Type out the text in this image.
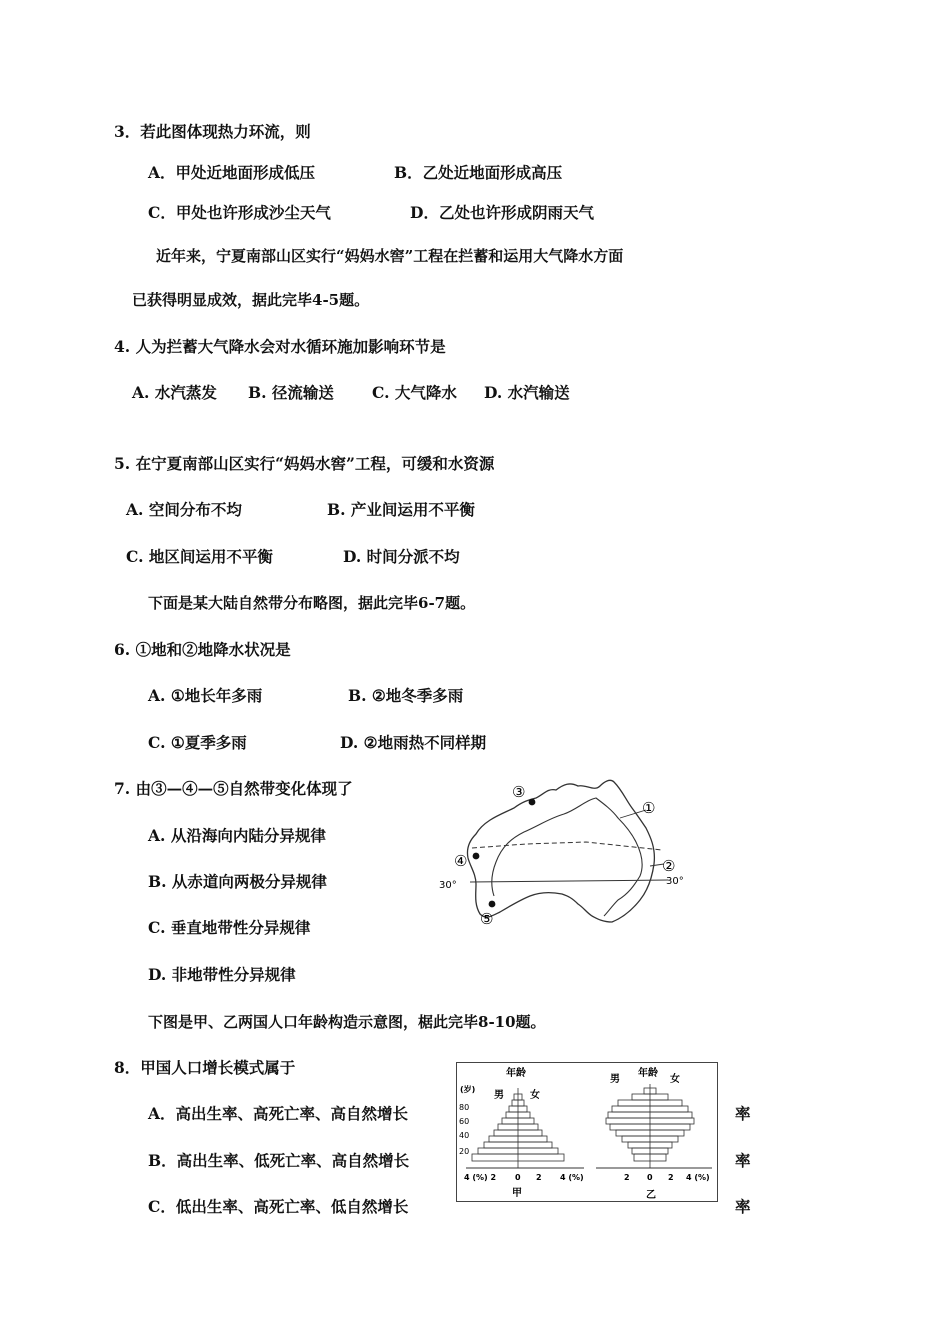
3．若此图体现热力环流，则
A．甲处近地面形成低压	B．乙处近地面形成高压
C．甲处也许形成沙尘天气	D．乙处也许形成阴雨天气
近年来，宁夏南部山区实行“妈妈水窖”工程在拦蓄和运用大气降水方面
已获得明显成效，据此完毕4-5题。
4. 人为拦蓄大气降水会对水循环施加影响环节是
A. 水汽蒸发 B. 径流输送 C. 大气降水 D. 水汽输送
5. 在宁夏南部山区实行“妈妈水窖”工程，可缓和水资源
A. 空间分布不均	B. 产业间运用不平衡
C. 地区间运用不平衡	D. 时间分派不均
下面是某大陆自然带分布略图，据此完毕6-7题。
6. ①地和②地降水状况是
A. ①地长年多雨	B. ②地冬季多雨
C. ①夏季多雨	D. ②地雨热不同样期
7. 由③—④—⑤自然带变化体现了
A. 从沿海向内陆分异规律
B. 从赤道向两极分异规律
C. 垂直地带性分异规律
D. 非地带性分异规律
①
②
③
④
⑤
30°	30°
下图是甲、乙两国人口年龄构造示意图，椐此完毕8-10题。
8．甲国人口增长模式属于
A．高出生率、高死亡率、高自然增长	率
B．高出生率、低死亡率、高自然增长	率
C．低出生率、高死亡率、低自然增长	率
年龄
(岁)
男	女
80
60
40
20
4 (%) 2 0 2 4 (%)
甲
男
年龄
女
2 0 2 4 (%)
乙
